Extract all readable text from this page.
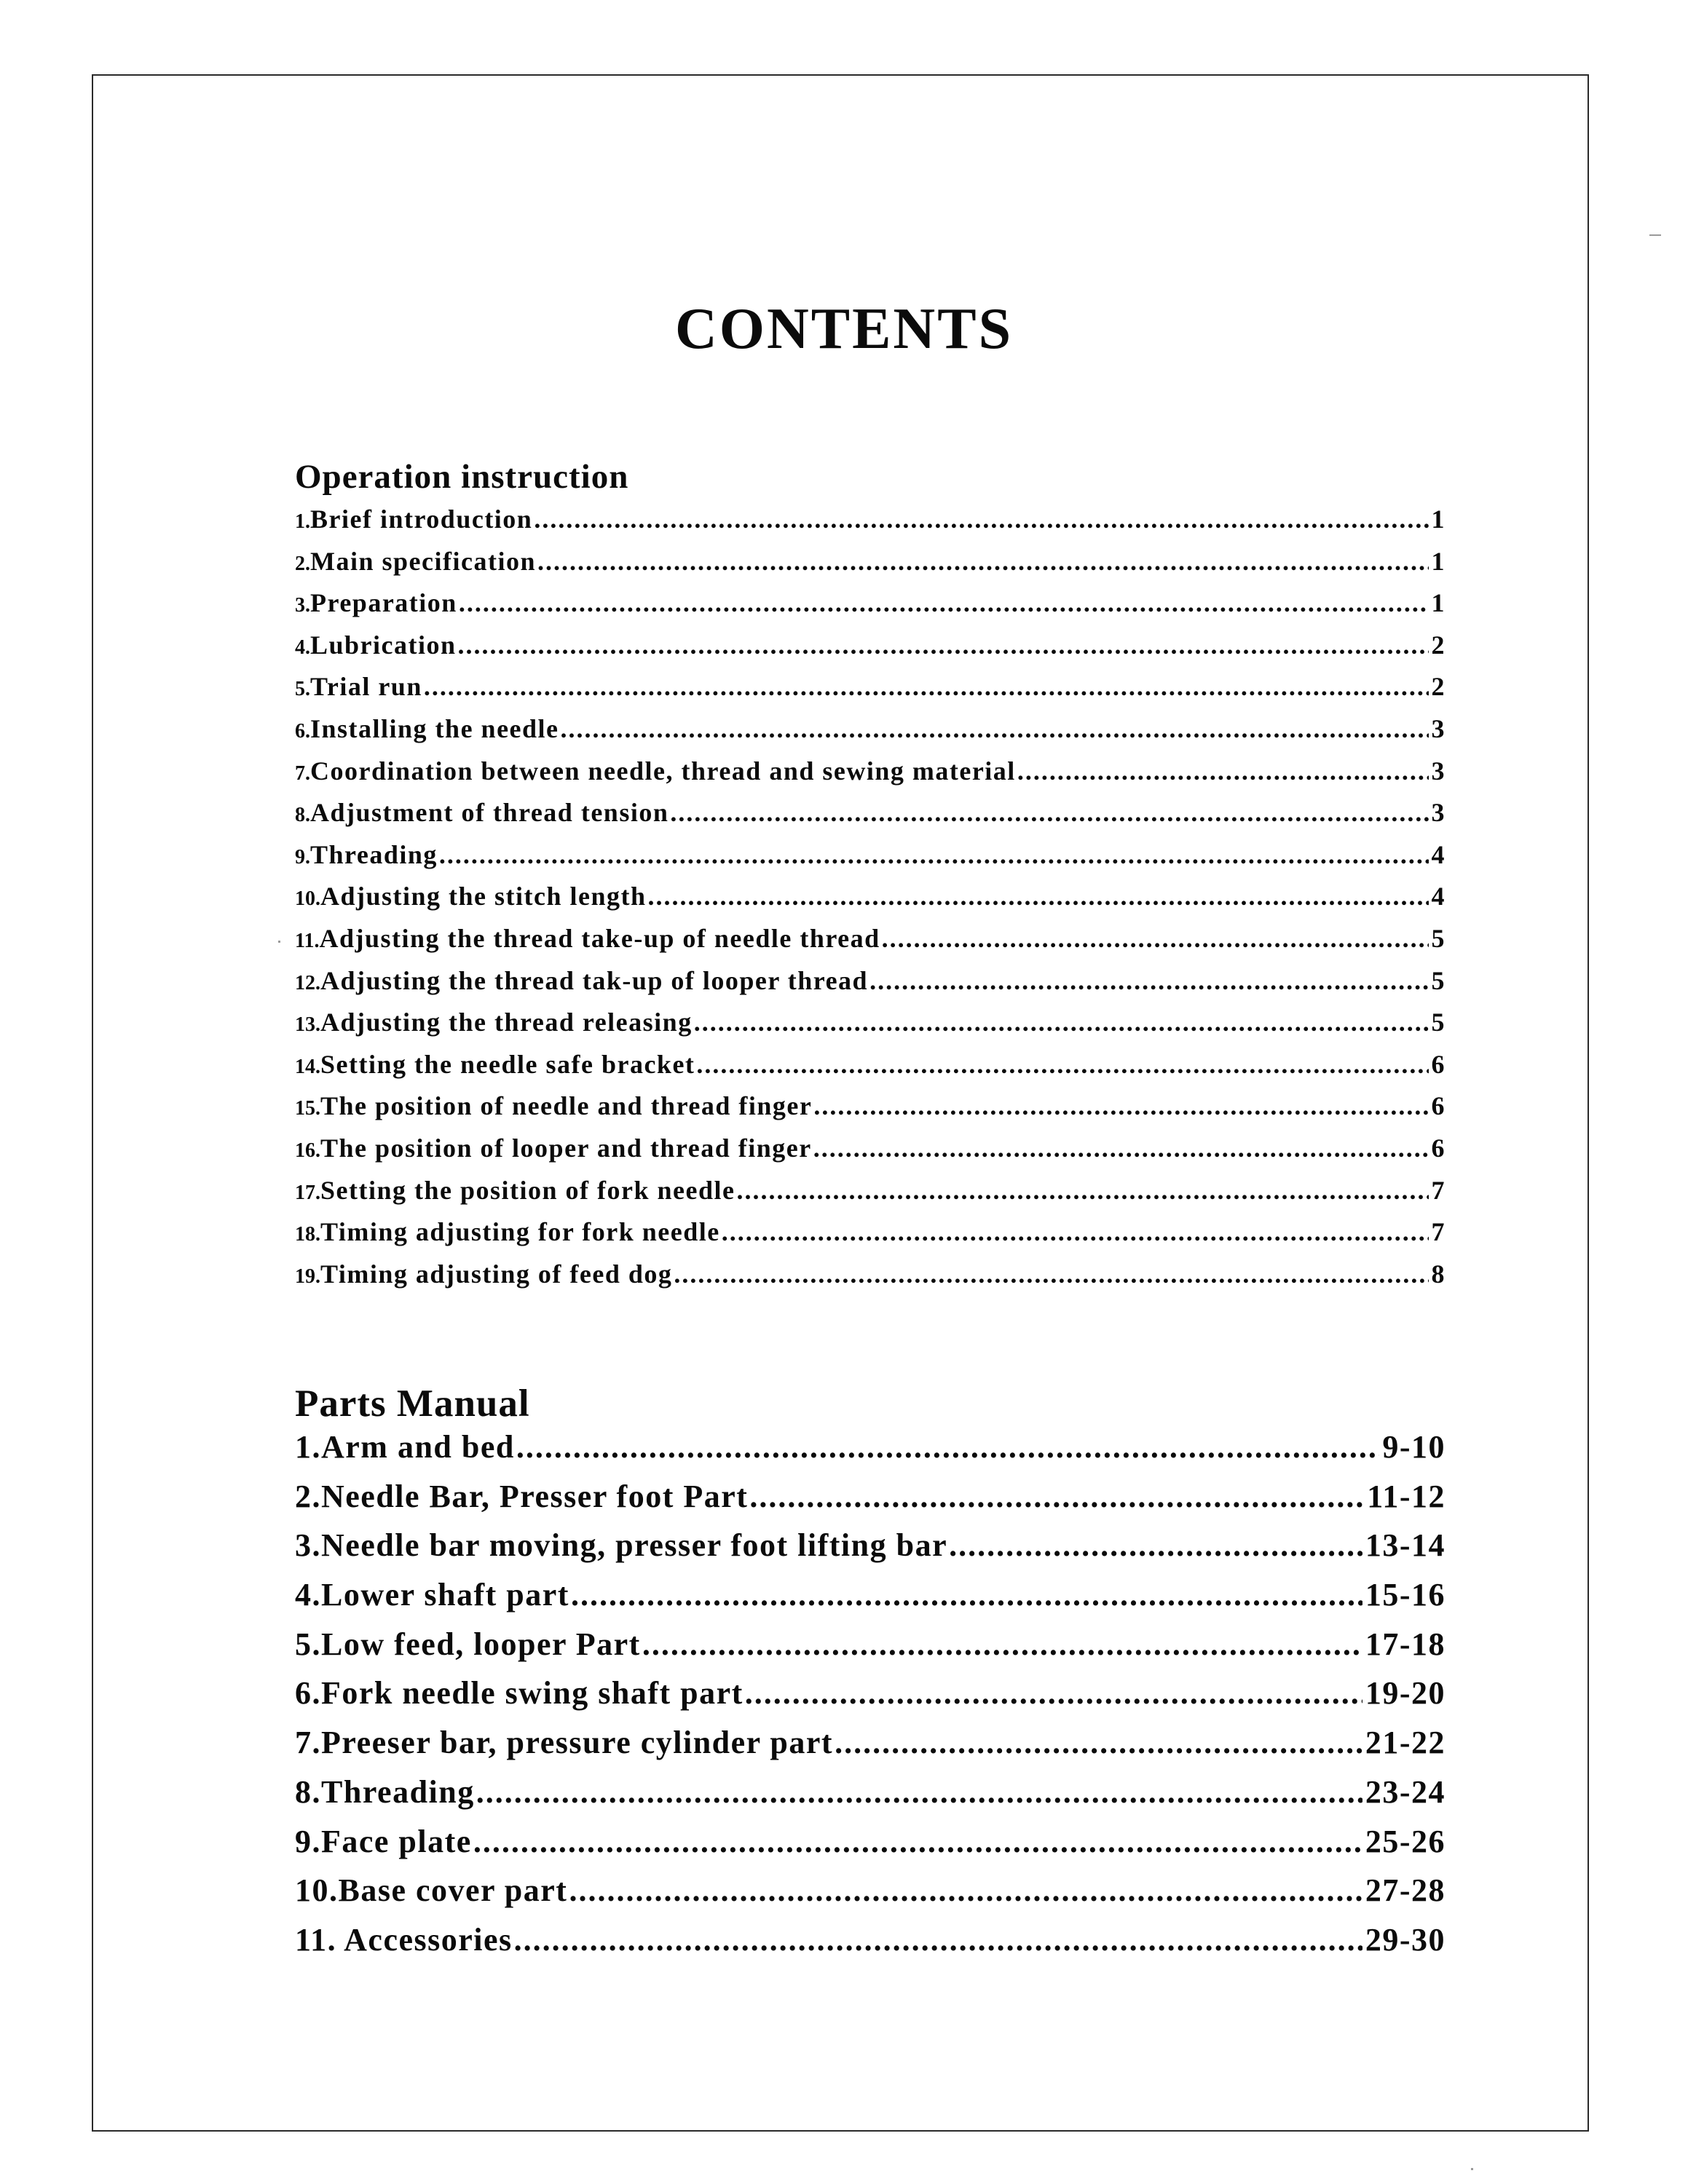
CONTENTS
Operation instruction
1.Brief introduction .....	1
2.Main specification .....	1
3.Preparation .....	1
4.Lubrication .....	2
5.Trial run .....	2
6.Installing the needle .....	3
7.Coordination between needle, thread and sewing material .....	3
8.Adjustment of thread tension .....	3
9.Threading .....	4
10.Adjusting the stitch length .....	4
11.Adjusting the thread take-up of needle thread .....	5
12.Adjusting the thread tak-up of looper thread .....	5
13.Adjusting the thread releasing .....	5
14.Setting the needle safe bracket .....	6
15.The position of needle and thread finger .....	6
16.The position of looper and thread finger .....	6
17.Setting the position of fork needle .....	7
18.Timing adjusting for fork needle .....	7
19.Timing adjusting of feed dog .....	8
Parts Manual
1.Arm and bed .....	9-10
2.Needle Bar, Presser foot Part .....	11-12
3.Needle bar moving, presser foot lifting bar .....	13-14
4.Lower shaft part .....	15-16
5.Low feed, looper Part .....	17-18
6.Fork needle swing shaft part .....	19-20
7.Preeser bar, pressure cylinder part .....	21-22
8.Threading .....	23-24
9.Face plate .....	25-26
10.Base cover part .....	27-28
11. Accessories .....	29-30
